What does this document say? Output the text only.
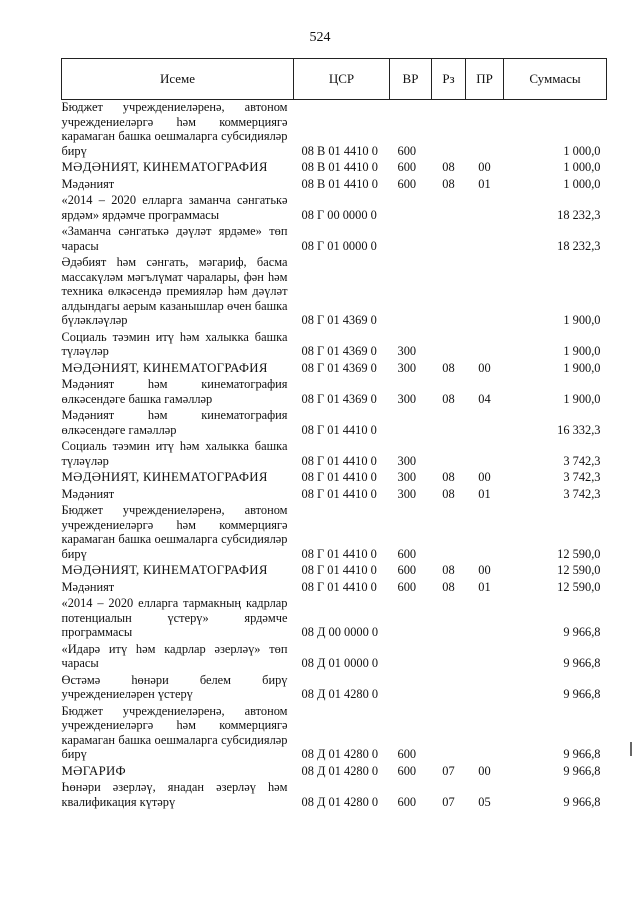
524
Исеме	ЦСР	ВР	Рз	ПР	Суммасы
Бюджет учреждениеләренә, автоном учреждениеләргә һәм коммерциягә карамаган башка оешмаларга субсидияләр бирү	08 В 01 4410 0	600			1 000,0

МӘДӘНИЯТ, КИНЕМАТОГРАФИЯ	08 В 01 4410 0	600	08	00	1 000,0

Мәдәният	08 В 01 4410 0	600	08	01	1 000,0

«2014 – 2020 елларга заманча сәнгатькә ярдәм» ярдәмче программасы	08 Г 00 0000 0				18 232,3

«Заманча сәнгатькә дәүләт ярдәме» төп чарасы	08 Г 01 0000 0				18 232,3

Әдәбият һәм сәнгать, мәгариф, басма массакүләм мәгълүмат чаралары, фән һәм техника өлкәсендә премияләр һәм дәүләт алдындагы аерым казанышлар өчен башка бүләкләүләр	08 Г 01 4369 0				1 900,0

Социаль тәэмин итү һәм халыкка башка түләүләр	08 Г 01 4369 0	300			1 900,0

МӘДӘНИЯТ, КИНЕМАТОГРАФИЯ	08 Г 01 4369 0	300	08	00	1 900,0

Мәдәният һәм кинематография өлкәсендәге башка гамәлләр	08 Г 01 4369 0	300	08	04	1 900,0

Мәдәният һәм кинематография өлкәсендәге гамәлләр	08 Г 01 4410 0				16 332,3

Социаль тәэмин итү һәм халыкка башка түләүләр	08 Г 01 4410 0	300			3 742,3

МӘДӘНИЯТ, КИНЕМАТОГРАФИЯ	08 Г 01 4410 0	300	08	00	3 742,3

Мәдәният	08 Г 01 4410 0	300	08	01	3 742,3

Бюджет учреждениеләренә, автоном учреждениеләргә һәм коммерциягә карамаган башка оешмаларга субсидияләр бирү	08 Г 01 4410 0	600			12 590,0

МӘДӘНИЯТ, КИНЕМАТОГРАФИЯ	08 Г 01 4410 0	600	08	00	12 590,0

Мәдәният	08 Г 01 4410 0	600	08	01	12 590,0

«2014 – 2020 елларга тармакның кадрлар потенциалын үстерү» ярдәмче программасы	08 Д 00 0000 0				9 966,8

«Идарә итү һәм кадрлар әзерләү» төп чарасы	08 Д 01 0000 0				9 966,8

Өстәмә һөнәри белем бирү учреждениеләрен үстерү	08 Д 01 4280 0				9 966,8

Бюджет учреждениеләренә, автоном учреждениеләргә һәм коммерциягә карамаган башка оешмаларга субсидияләр бирү	08 Д 01 4280 0	600			9 966,8

МӘГАРИФ	08 Д 01 4280 0	600	07	00	9 966,8

Һөнәри әзерләү, янадан әзерләү һәм квалификация күтәрү	08 Д 01 4280 0	600	07	05	9 966,8
